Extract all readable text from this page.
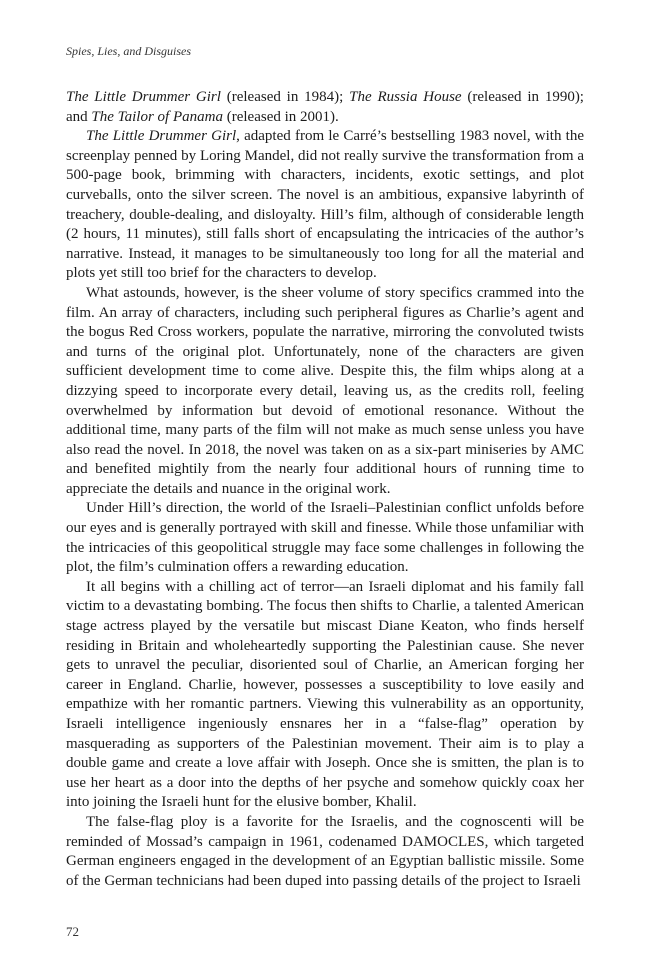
Spies, Lies, and Disguises

The Little Drummer Girl (released in 1984); The Russia House (released in 1990); and The Tailor of Panama (released in 2001).

The Little Drummer Girl, adapted from le Carré’s bestselling 1983 novel, with the screenplay penned by Loring Mandel, did not really survive the transformation from a 500-page book, brimming with characters, incidents, exotic settings, and plot curveballs, onto the silver screen. The novel is an ambitious, expansive labyrinth of treachery, double-dealing, and disloyalty. Hill’s film, although of considerable length (2 hours, 11 minutes), still falls short of encapsulating the intricacies of the author’s narrative. Instead, it manages to be simultaneously too long for all the material and plots yet still too brief for the characters to develop.

What astounds, however, is the sheer volume of story specifics crammed into the film. An array of characters, including such peripheral figures as Charlie’s agent and the bogus Red Cross workers, populate the narrative, mirroring the convoluted twists and turns of the original plot. Unfortunately, none of the characters are given sufficient development time to come alive. Despite this, the film whips along at a dizzying speed to incorporate every detail, leaving us, as the credits roll, feeling overwhelmed by information but devoid of emotional resonance. Without the additional time, many parts of the film will not make as much sense unless you have also read the novel. In 2018, the novel was taken on as a six-part miniseries by AMC and benefited mightily from the nearly four additional hours of running time to appreciate the details and nuance in the original work.

Under Hill’s direction, the world of the Israeli–Palestinian conflict unfolds before our eyes and is generally portrayed with skill and finesse. While those unfamiliar with the intricacies of this geopolitical struggle may face some challenges in following the plot, the film’s culmination offers a rewarding education.

It all begins with a chilling act of terror—an Israeli diplomat and his family fall victim to a devastating bombing. The focus then shifts to Charlie, a talented American stage actress played by the versatile but miscast Diane Keaton, who finds herself residing in Britain and wholeheartedly supporting the Palestinian cause. She never gets to unravel the peculiar, disoriented soul of Charlie, an American forging her career in England. Charlie, however, possesses a susceptibility to love easily and empathize with her romantic partners. Viewing this vulnerability as an opportunity, Israeli intelligence ingeniously ensnares her in a “false-flag” operation by masquerading as supporters of the Palestinian movement. Their aim is to play a double game and create a love affair with Joseph. Once she is smitten, the plan is to use her heart as a door into the depths of her psyche and somehow quickly coax her into joining the Israeli hunt for the elusive bomber, Khalil.

The false-flag ploy is a favorite for the Israelis, and the cognoscenti will be reminded of Mossad’s campaign in 1961, codenamed DAMOCLES, which targeted German engineers engaged in the development of an Egyptian ballistic missile. Some of the German technicians had been duped into passing details of the project to Israeli

72
